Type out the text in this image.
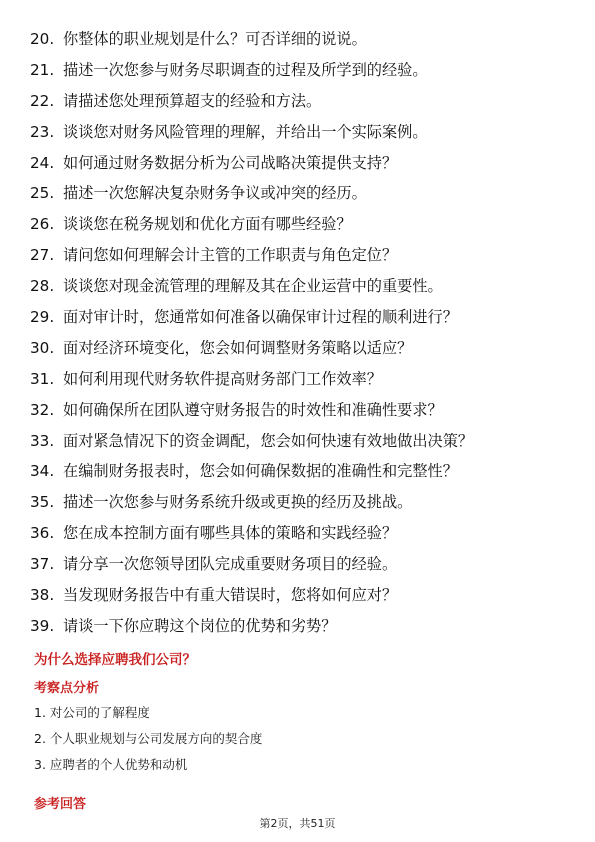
20. 你整体的职业规划是什么？可否详细的说说。
21. 描述一次您参与财务尽职调查的过程及所学到的经验。
22. 请描述您处理预算超支的经验和方法。
23. 谈谈您对财务风险管理的理解，并给出一个实际案例。
24. 如何通过财务数据分析为公司战略决策提供支持？
25. 描述一次您解决复杂财务争议或冲突的经历。
26. 谈谈您在税务规划和优化方面有哪些经验？
27. 请问您如何理解会计主管的工作职责与角色定位？
28. 谈谈您对现金流管理的理解及其在企业运营中的重要性。
29. 面对审计时，您通常如何准备以确保审计过程的顺利进行？
30. 面对经济环境变化，您会如何调整财务策略以适应？
31. 如何利用现代财务软件提高财务部门工作效率？
32. 如何确保所在团队遵守财务报告的时效性和准确性要求？
33. 面对紧急情况下的资金调配，您会如何快速有效地做出决策？
34. 在编制财务报表时，您会如何确保数据的准确性和完整性？
35. 描述一次您参与财务系统升级或更换的经历及挑战。
36. 您在成本控制方面有哪些具体的策略和实践经验？
37. 请分享一次您领导团队完成重要财务项目的经验。
38. 当发现财务报告中有重大错误时，您将如何应对？
39. 请谈一下你应聘这个岗位的优势和劣势？
为什么选择应聘我们公司？
考察点分析
1. 对公司的了解程度
2. 个人职业规划与公司发展方向的契合度
3. 应聘者的个人优势和动机
参考回答
第2页，共51页
